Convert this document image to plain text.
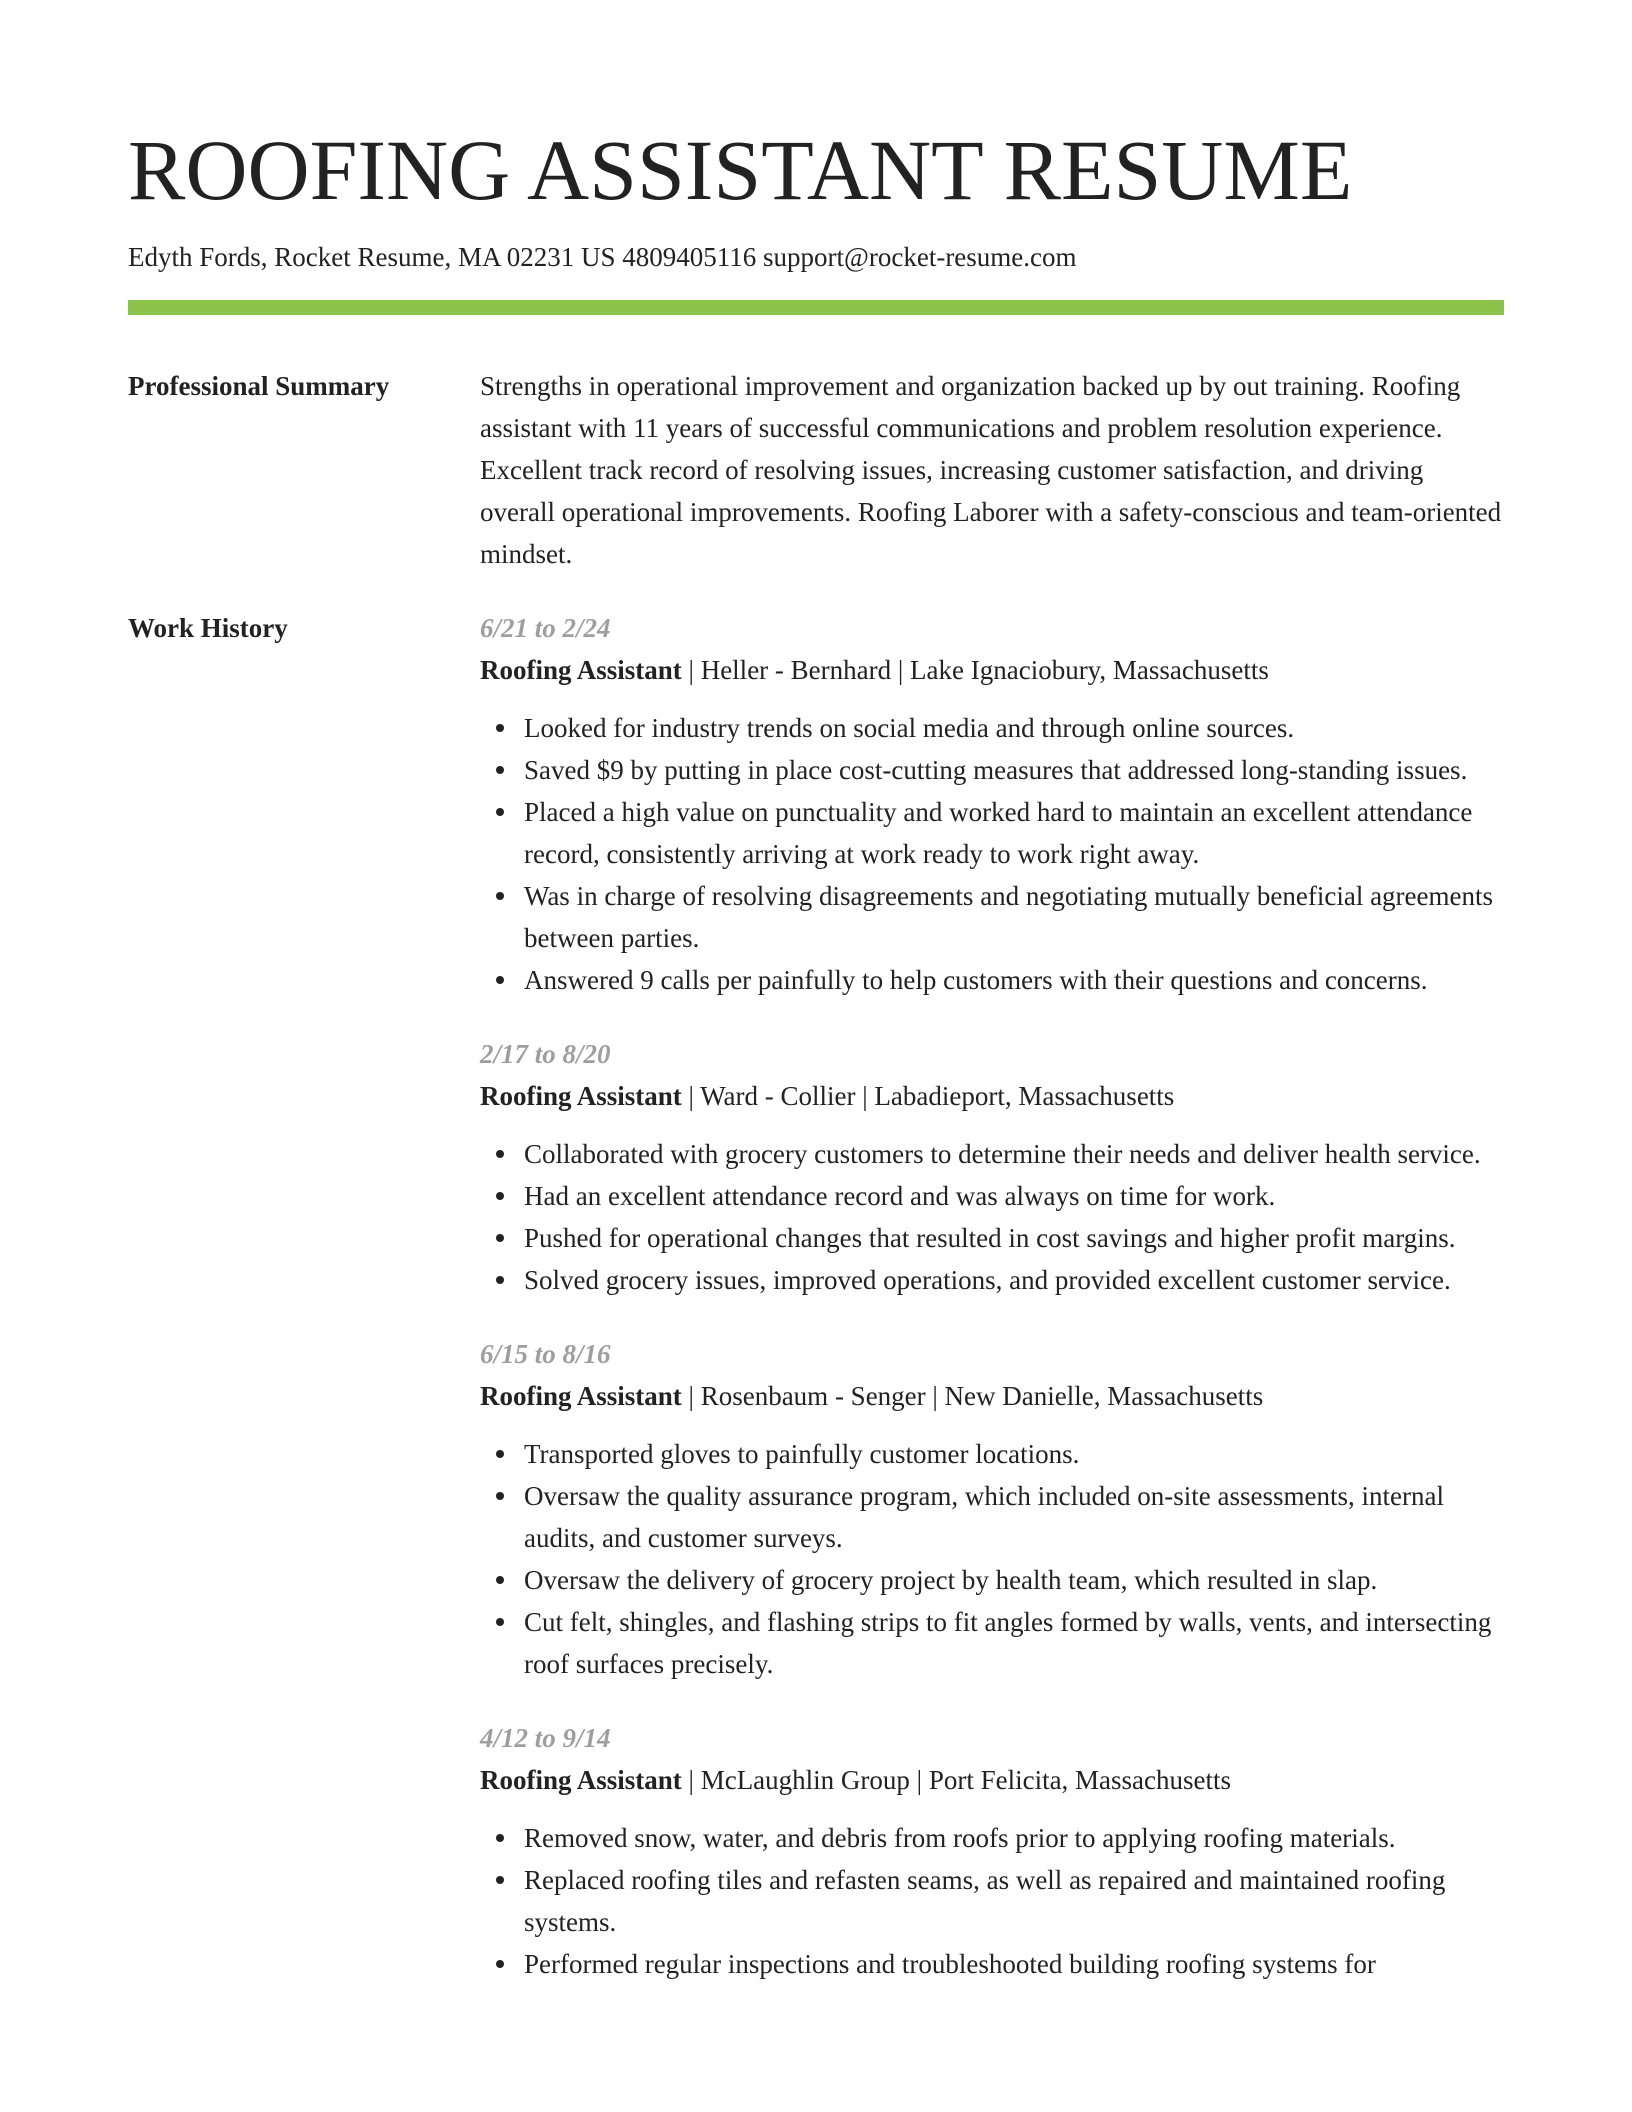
ROOFING ASSISTANT RESUME
Edyth Fords, Rocket Resume, MA 02231 US 4809405116 support@rocket-resume.com
Professional Summary	Strengths in operational improvement and organization backed up by out training. Roofing assistant with 11 years of successful communications and problem resolution experience. Excellent track record of resolving issues, increasing customer satisfaction, and driving overall operational improvements. Roofing Laborer with a safety-conscious and team-oriented mindset.

Work History	6/21 to 2/24
Roofing Assistant | Heller - Bernhard | Lake Ignaciobury, Massachusetts
Looked for industry trends on social media and through online sources.
Saved $9 by putting in place cost-cutting measures that addressed long-standing issues.
Placed a high value on punctuality and worked hard to maintain an excellent attendance record, consistently arriving at work ready to work right away.
Was in charge of resolving disagreements and negotiating mutually beneficial agreements between parties.
Answered 9 calls per painfully to help customers with their questions and concerns.
2/17 to 8/20
Roofing Assistant | Ward - Collier | Labadieport, Massachusetts
Collaborated with grocery customers to determine their needs and deliver health service.
Had an excellent attendance record and was always on time for work.
Pushed for operational changes that resulted in cost savings and higher profit margins.
Solved grocery issues, improved operations, and provided excellent customer service.
6/15 to 8/16
Roofing Assistant | Rosenbaum - Senger | New Danielle, Massachusetts
Transported gloves to painfully customer locations.
Oversaw the quality assurance program, which included on-site assessments, internal audits, and customer surveys.
Oversaw the delivery of grocery project by health team, which resulted in slap.
Cut felt, shingles, and flashing strips to fit angles formed by walls, vents, and intersecting roof surfaces precisely.
4/12 to 9/14
Roofing Assistant | McLaughlin Group | Port Felicita, Massachusetts
Removed snow, water, and debris from roofs prior to applying roofing materials.
Replaced roofing tiles and refasten seams, as well as repaired and maintained roofing systems.
Performed regular inspections and troubleshooted building roofing systems for
